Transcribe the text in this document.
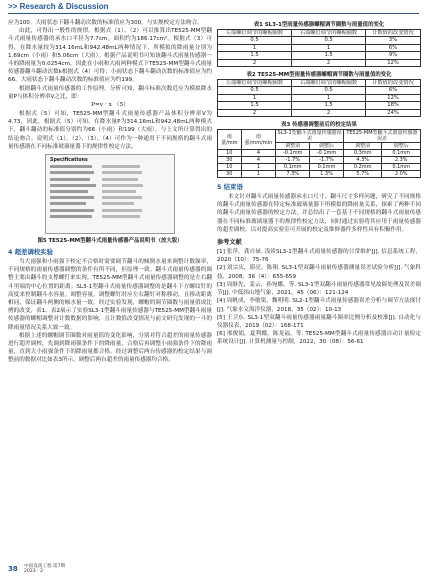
>> Research & Discussion

应为100。大雨状态下翻斗翻动次数的标准值应为300。与实规校定方法吻合。

由此，可得出一般性的规律。根据式（1）、（2）可以推算出TE525-MM型翻斗式雨量传感器的承水口半径为7.7cm。面积约为186.17cm²。根据式（3）可得，在降水量较为314.16mL和942.48mL两种情况下，所模拟的降雨量分别为1.69cm（小雨）和5.06cm（大雨）。根据产品说明书可知该翻斗式雨量传感器一斗的降雨量为0.0254cm，因此在小雨和大雨两种模式下TE525-MM型翻斗式雨量传感器翻斗翻动次数k根据式（4）可得：小雨状态下翻斗翻动次数的标准值应为约66，大雨状态下翻斗翻动次数的标准值应为约199。

根据翻斗式雨量传感器的工作原理，分析可知，翻斗标准次数近应为模拟降水量P与体积分辨率V之比，即：

P=v · x （5）

根据式（5）可知，TE525-MM型翻斗式雨量传感器产品体积分辨率V为4.73，因此，根据式（5）可知，在降水量P为314.16mL和942.48mL两种模式下，翻斗翻动的标准值分别约为66（小雨）和199（大雨）。与上文所计算得出的结论吻合。说明式（1）、（2）、（3）、（4）可作为一种通用于不同规格的翻斗式雨量传感器在不同标准玻璃量器下的规律性校定方法。

Specifications
图5 TE525-MM型翻斗式雨量传感器产品说明书（放大版）
4 超差调校实验

当大雨强和小雨强下校定不合格时需要调节翻斗的倾倒水量来调整计数频率，不同规格的雨量传感器调整的条件有所不同，但原理一致。翻斗式雨量传感器的调整主要由翻斗的支撑螺钉来实现。TE525-MM型翻斗式雨量传感器调整的是左右翻斗里端的中心位置的距离；SL3-1型翻斗式雨量传感器调整的是翻斗下方螺纹钉的高度来控制翻斗水容量。调整容量，调整螺钉时应左右翻钉对称移动，且移动距离相同，保证翻斗两侧的倾水量一致。经过实验发现，螺帽的调节圈数与雨量值成比例的改变，表1、表2展示了实验SL3-1型翻斗雨量传感器与TE525-MM型翻斗雨量传感器的螺帽调整对计数数据的影响，且计数值改变情况与前文研究发现的一斗的降雨量情况关系大致一致。

根据上述的螺帽调节圈数对雨量值的变化影响，分别对符合超差的雨量传感器进行超差调校，先调到降雨强条件下的降雨量，合格后再调整小雨强条件下的降雨量，直到大小雨强条件下的降雨量都合格。经过调整后两台传感器的校定结果与调整前的数据对比如表3所示，调整后两台超差的雨量传感器均合格。

表1 SL3-1型雨量传感器螺帽调节圈数与雨量值的变化
左端螺钉调节的螺帽圈数	右端螺钉调节的螺帽圈数	计数值的改变情况
0.5	0.5	3%
1	1	6%
1.5	1.5	9%
2	2	12%
表2 TE525-MM型雨量传感器螺帽调节圈数与雨量值的变化
左端螺钉调节的螺帽圈数	右端螺钉调节的螺帽圈数	计数值的改变情况
0.5	0.5	6%
1	1	12%
1.5	1.5	18%
2	2	24%
表3 传感器调整前后的校定结果
雨量/mm	雨强/mm/min	SL3-1型翻斗式雨量传感器误差		TE525-MM型翻斗式雨量传感器误差	
		调整前	调整后	调整前	调整后
10	4	-0.1mm	-0.1mm	0.3mm	0.1mm
30	4	-1.7%	-1.7%	4.3%	2.3%
10	1	0.1mm	0.1mm	0.2mm	0.1mm
30	1	7.3%	1.3%	5.7%	2.0%
5 结束语

本文针对翻斗式雨量传感器承水口尺寸、翻斗尺寸多样问题，研究了不同规格的翻斗式雨量传感器在特定标准玻璃量器下所模拟的降雨量关系，探索了两种不同的翻斗式雨量传感器的校定方法，并总结出了一套基于不同规格的翻斗式雨量传感器在不同标准玻璃量器下的规律性校定方法，同时通过实验将其应用于雨量传感器的超差调校，以对提高实验室可开展的校定及维修器件多样性具有积极作用。

参考文献

[1] 张萍，龚自禄. 浅谈SL3-1型翻斗式雨量传感器的日常维护[J]. 信息系统工程，2020（10）：75-76

[2] 刘宗庆，耶亮，陈翔. SL3-1型双翻斗雨量传感器测量误差试验分析[J]. 气象科技，2008，36（4）：655-659

[3] 周继先，姜云，孙宛娜，等. SL3-1型双翻斗雨量传感器常见故障处理及误差调节[J]. 中低纬山地气象，2021，45（06）：121-124

[4] 周帆成，李敏渠，魏明明. SL2-1型翻斗式雨量传感器误差分析与调节方法探讨[J]. 气象水文海洋仪器，2018，35（02）：10-13

[5] 王卫东. SL3-1型双翻斗雨量传感器雨量翻斗频率比例分析及校准[J]. 自动化与仪器仪表，2019（02）：168-171

[6] 邢俊娟，夏利娜，陈龙福，等. TE525-MM型翻斗式雨量传感器自动计量检定系统设计[J]. 计算机测量与控制，2022，30（08）：56-61

38 中国设备工程·第7期
2023 · 2
